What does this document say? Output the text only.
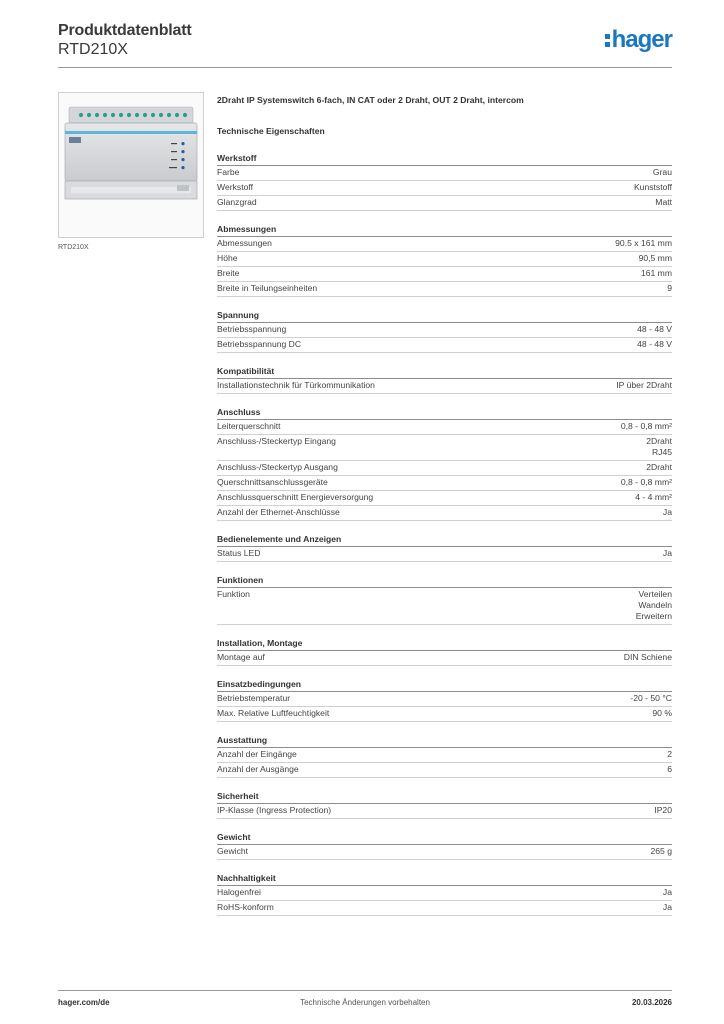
Produktdatenblatt
RTD210X	hager
RTD210X
2Draht IP Systemswitch 6-fach, IN CAT oder 2 Draht, OUT 2 Draht, intercom
Technische Eigenschaften
Werkstoff
Farbe	Grau
Werkstoff	Kunststoff
Glanzgrad	Matt
Abmessungen
Abmessungen	90.5 x 161 mm
Höhe	90,5 mm
Breite	161 mm
Breite in Teilungseinheiten	9
Spannung
Betriebsspannung	48 - 48 V
Betriebsspannung DC	48 - 48 V
Kompatibilität
Installationstechnik für Türkommunikation	IP über 2Draht
Anschluss
Leiterquerschnitt	0,8 - 0,8 mm²
Anschluss-/Steckertyp Eingang	2Draht
RJ45
Anschluss-/Steckertyp Ausgang	2Draht
Querschnittsanschlussgeräte	0,8 - 0,8 mm²
Anschlussquerschnitt Energieversorgung	4 - 4 mm²
Anzahl der Ethernet-Anschlüsse	Ja
Bedienelemente und Anzeigen
Status LED	Ja
Funktionen
Funktion	Verteilen
Wandeln
Erweitern
Installation, Montage
Montage auf	DIN Schiene
Einsatzbedingungen
Betriebstemperatur	-20 - 50 °C
Max. Relative Luftfeuchtigkeit	90 %
Ausstattung
Anzahl der Eingänge	2
Anzahl der Ausgänge	6
Sicherheit
IP-Klasse (Ingress Protection)	IP20
Gewicht
Gewicht	265 g
Nachhaltigkeit
Halogenfrei	Ja
RoHS-konform	Ja
hager.com/de	Technische Änderungen vorbehalten	20.03.2026
